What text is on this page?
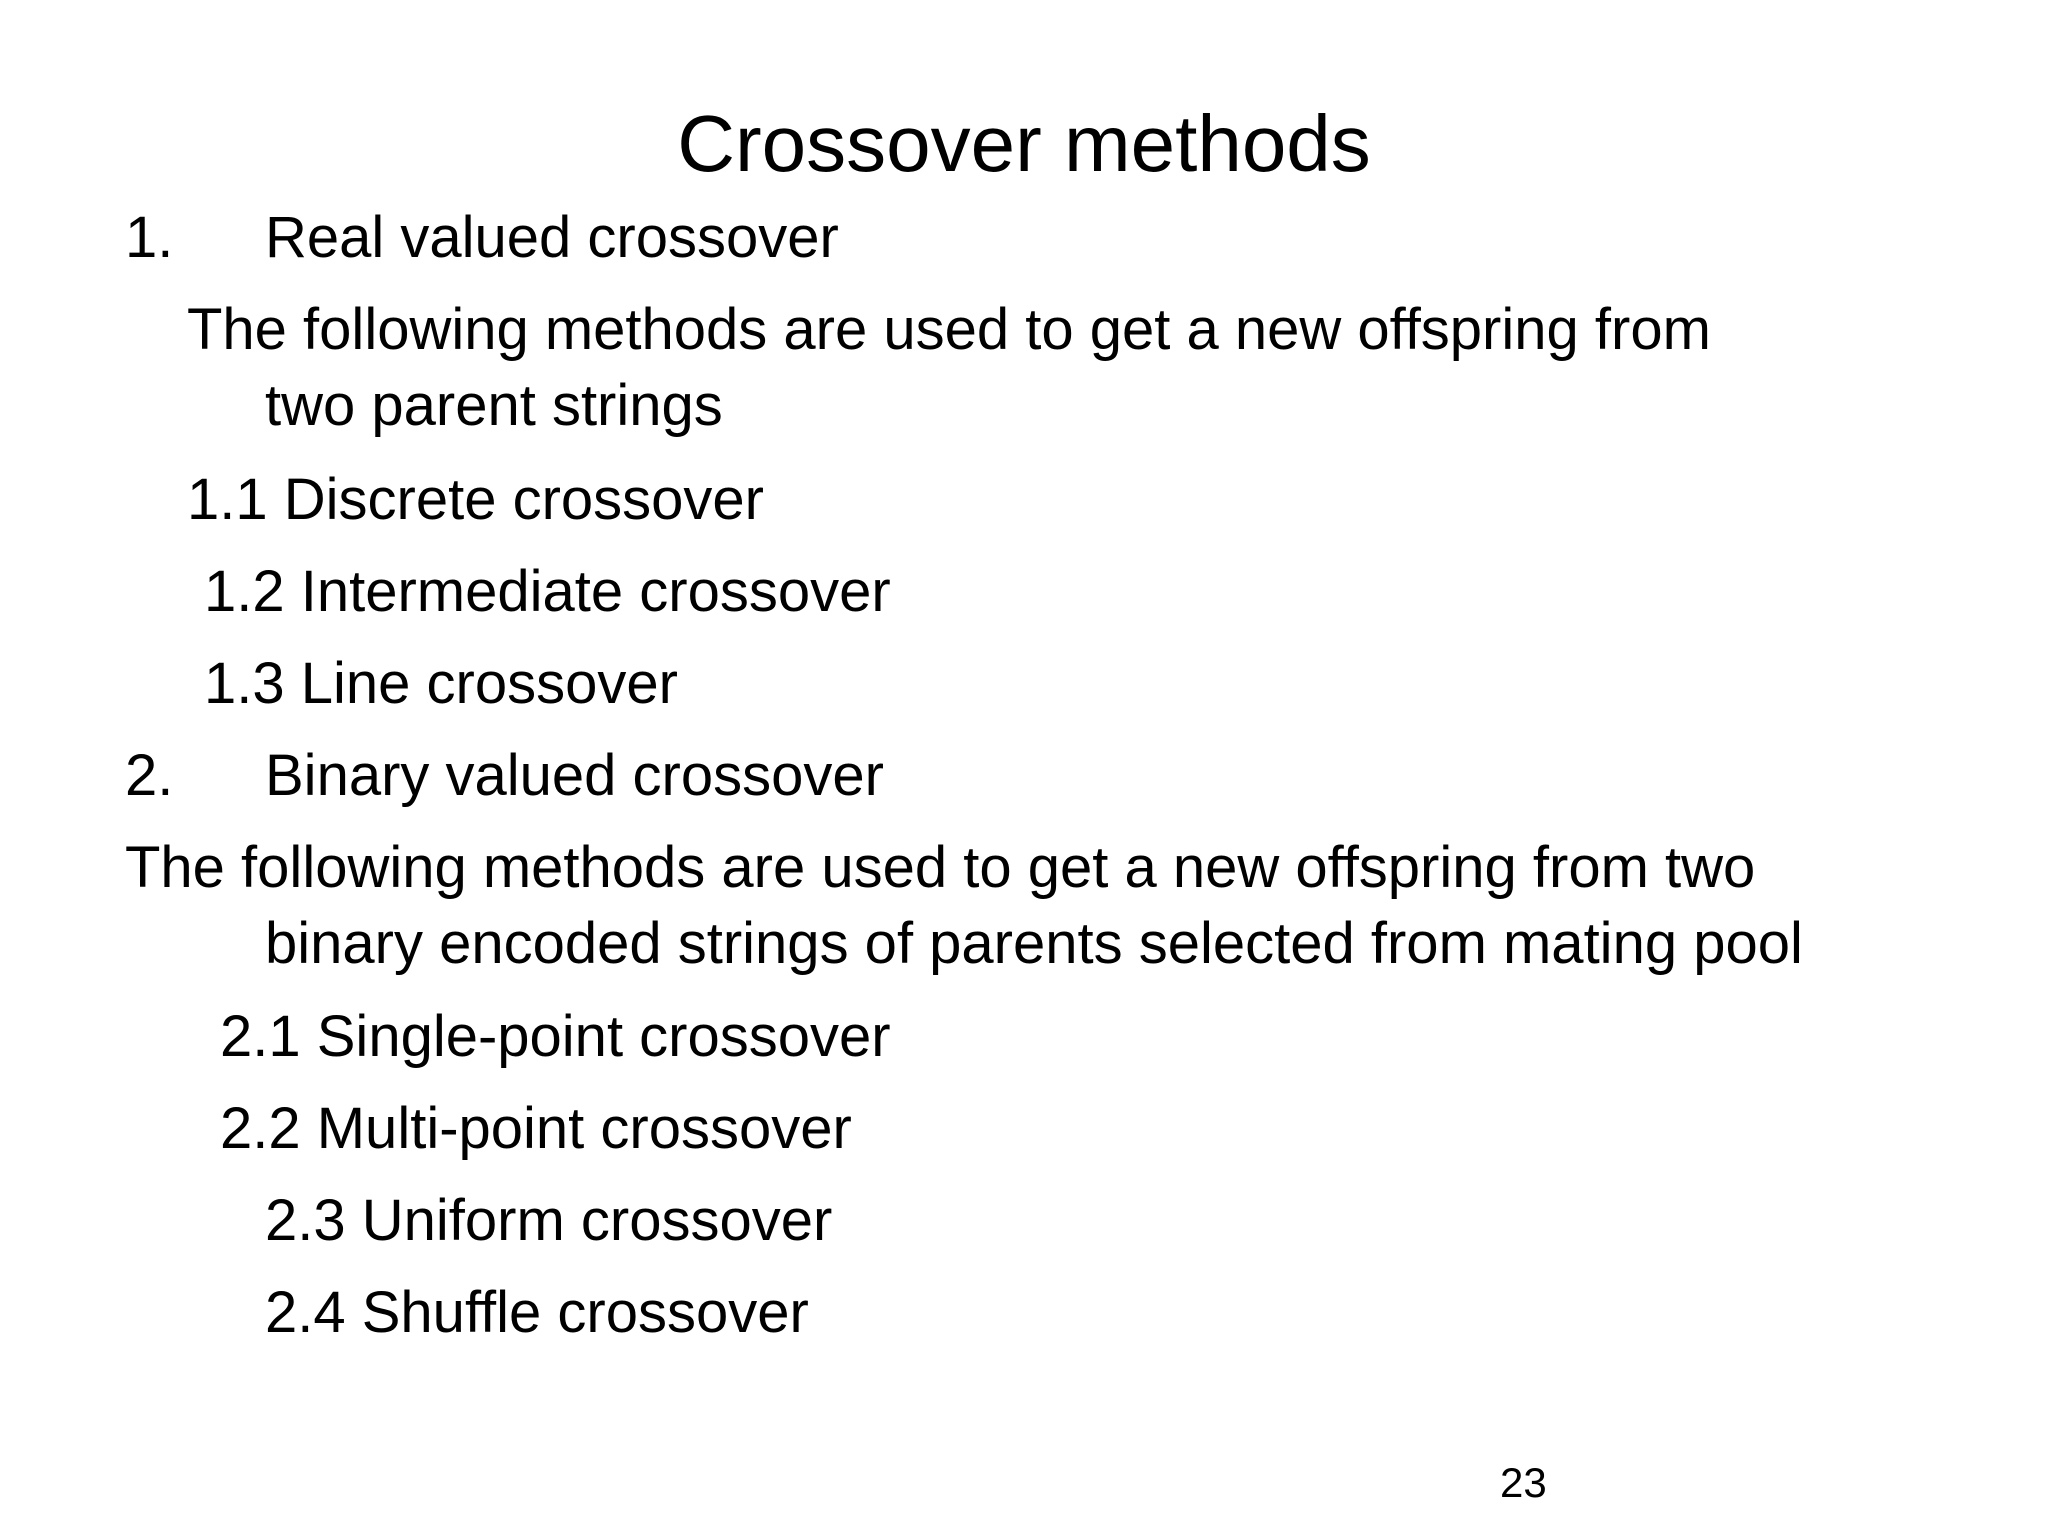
Crossover methods
1. Real valued crossover
The following methods are used to get a new offspring from
two parent strings
1.1 Discrete crossover
1.2 Intermediate crossover
1.3 Line crossover
2. Binary valued crossover
The following methods are used to get a new offspring from two
binary encoded strings of parents selected from mating pool
2.1 Single-point crossover
2.2 Multi-point crossover
2.3 Uniform crossover
2.4 Shuffle crossover
23
